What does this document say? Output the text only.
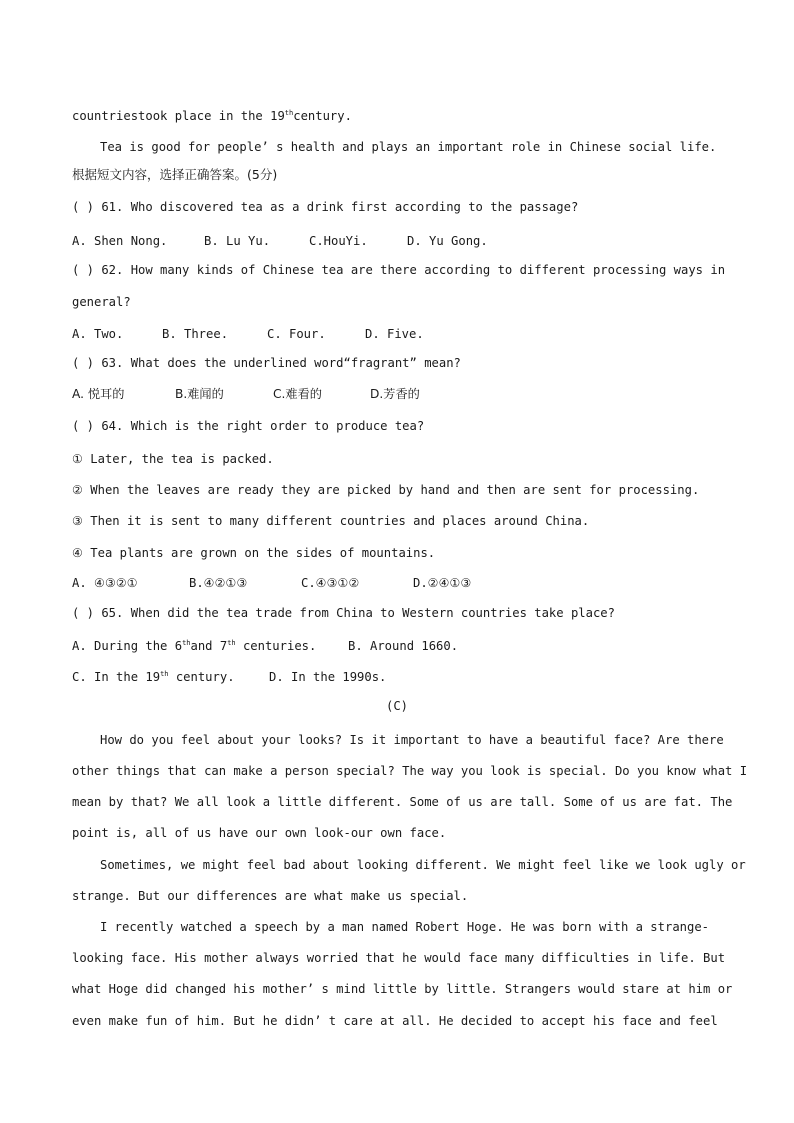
countriestook place in the 19thcentury.
Tea is good for people’ s health and plays an important role in Chinese social life.
根据短文内容，选择正确答案。(5分)
( ) 61. Who discovered tea as a drink first according to the passage?
A. Shen Nong.	B. Lu Yu.	C.HouYi.	D. Yu Gong.
( ) 62. How many kinds of Chinese tea are there according to different processing ways in
general?
A. Two.	B. Three.	C. Four.	D. Five.
( ) 63. What does the underlined word“fragrant” mean?
A. 悦耳的	B.难闻的	C.难看的	D.芳香的
( ) 64. Which is the right order to produce tea?
① Later, the tea is packed.
② When the leaves are ready they are picked by hand and then are sent for processing.
③ Then it is sent to many different countries and places around China.
④ Tea plants are grown on the sides of mountains.
A. ④③②①	B.④②①③	C.④③①②	D.②④①③
( ) 65. When did the tea trade from China to Western countries take place?
A. During the 6thand 7th centuries.	B. Around 1660.
C. In the 19th century.	D. In the 1990s.
(C)
How do you feel about your looks? Is it important to have a beautiful face? Are there
other things that can make a person special? The way you look is special. Do you know what I
mean by that? We all look a little different. Some of us are tall. Some of us are fat. The
point is, all of us have our own look-our own face.
Sometimes, we might feel bad about looking different. We might feel like we look ugly or
strange. But our differences are what make us special.
I recently watched a speech by a man named Robert Hoge. He was born with a strange-
looking face. His mother always worried that he would face many difficulties in life. But
what Hoge did changed his mother’ s mind little by little. Strangers would stare at him or
even make fun of him. But he didn’ t care at all. He decided to accept his face and feel
